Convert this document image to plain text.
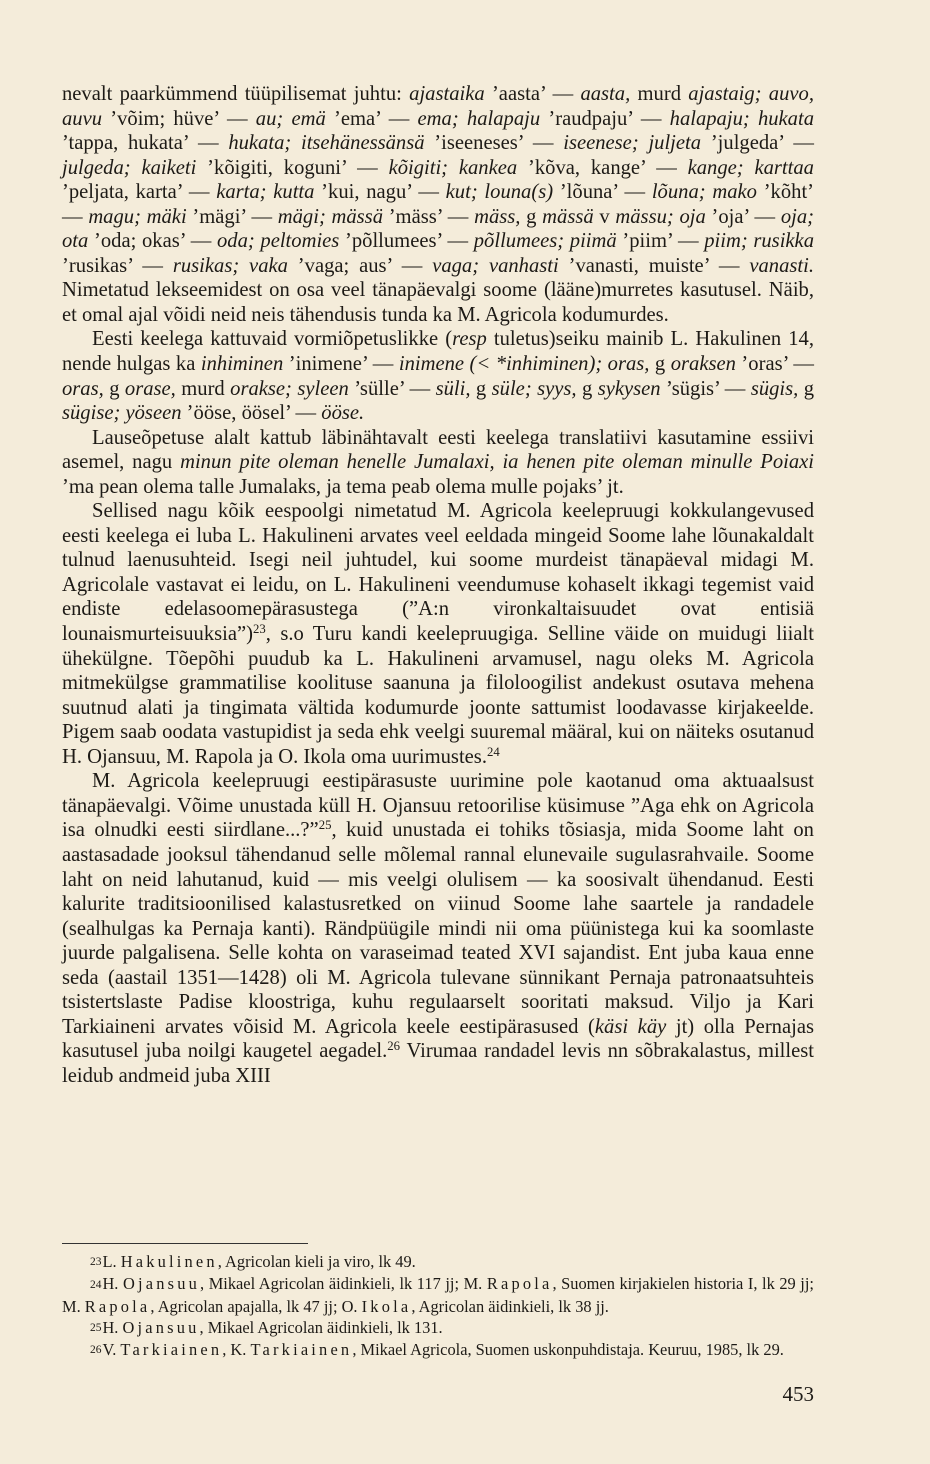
nevalt paarkümmend tüüpilisemat juhtu: ajastaika ’aasta’ — aasta, murd ajastaig; auvo, auvu ’võim; hüve’ — au; emä ’ema’ — ema; halapaju ’raudpaju’ — halapaju; hukata ’tappa, hukata’ — hukata; itsehänessänsä ’iseeneses’ — iseenese; juljeta ’julgeda’ — julgeda; kaiketi ’kõigiti, koguni’ — kõigiti; kankea ’kõva, kange’ — kange; karttaa ’peljata, karta’ — karta; kutta ’kui, nagu’ — kut; louna(s) ’lõuna’ — lõuna; mako ’kõht’ — magu; mäki ’mägi’ — mägi; mässä ’mäss’ — mäss, g mässä v mässu; oja ’oja’ — oja; ota ’oda; okas’ — oda; peltomies ’põllumees’ — põllumees; piimä ’piim’ — piim; rusikka ’rusikas’ — rusikas; vaka ’vaga; aus’ — vaga; vanhasti ’vanasti, muiste’ — vanasti. Nimetatud lekseemidest on osa veel tänapäevalgi soome (lääne)murretes kasutusel. Näib, et omal ajal võidi neid neis tähendusis tunda ka M. Agricola kodumurdes.

Eesti keelega kattuvaid vormiõpetuslikke (resp tuletus)seiku mainib L. Hakulinen 14, nende hulgas ka inhiminen ’inimene’ — inimene (< *inhiminen); oras, g oraksen ’oras’ — oras, g orase, murd orakse; syleen ’sülle’ — süli, g süle; syys, g sykysen ’sügis’ — sügis, g sügise; yöseen ’ööse, öösel’ — ööse.

Lauseõpetuse alalt kattub läbinähtavalt eesti keelega translatiivi kasutamine essiivi asemel, nagu minun pite oleman henelle Jumalaxi, ia henen pite oleman minulle Poiaxi ’ma pean olema talle Jumalaks, ja tema peab olema mulle pojaks’ jt.

Sellised nagu kõik eespoolgi nimetatud M. Agricola keelepruugi kokkulangevused eesti keelega ei luba L. Hakulineni arvates veel eeldada mingeid Soome lahe lõunakaldalt tulnud laenusuhteid. Isegi neil juhtudel, kui soome murdeist tänapäeval midagi M. Agricolale vastavat ei leidu, on L. Hakulineni veendumuse kohaselt ikkagi tegemist vaid endiste edelasoomepärasustega (”A:n vironkaltaisuudet ovat entisiä lounaismurteisuuksia”)$^{23}$, s.o Turu kandi keelepruugiga. Selline väide on muidugi liialt ühekülgne. Tõepõhi puudub ka L. Hakulineni arvamusel, nagu oleks M. Agricola mitmekülgse grammatilise koolituse saanuna ja filoloogilist andekust osutava mehena suutnud alati ja tingimata vältida kodumurde joonte sattumist loodavasse kirjakeelde. Pigem saab oodata vastupidist ja seda ehk veelgi suuremal määral, kui on näiteks osutanud H. Ojansuu, M. Rapola ja O. Ikola oma uurimustes.$^{24}$

M. Agricola keelepruugi eestipärasuste uurimine pole kaotanud oma aktuaalsust tänapäevalgi. Võime unustada küll H. Ojansuu retoorilise küsimuse ”Aga ehk on Agricola isa olnudki eesti siirdlane...?”$^{25}$, kuid unustada ei tohiks tõsiasja, mida Soome laht on aastasadade jooksul tähendanud selle mõlemal rannal elunevaile sugulasrahvaile. Soome laht on neid lahutanud, kuid — mis veelgi olulisem — ka soosivalt ühendanud. Eesti kalurite traditsioonilised kalastusretked on viinud Soome lahe saartele ja randadele (sealhulgas ka Pernaja kanti). Rändpüügile mindi nii oma püünistega kui ka soomlaste juurde palgalisena. Selle kohta on varaseimad teated XVI sajandist. Ent juba kaua enne seda (aastail 1351—1428) oli M. Agricola tulevane sünnikant Pernaja patronaatsuhteis tsistertslaste Padise kloostriga, kuhu regulaarselt sooritati maksud. Viljo ja Kari Tarkiaineni arvates võisid M. Agricola keele eestipärasused (käsi käy jt) olla Pernajas kasutusel juba noilgi kaugetel aegadel.$^{26}$ Virumaa randadel levis nn sõbrakalastus, millest leidub andmeid juba XIII

23L. Hakulinen, Agricolan kieli ja viro, lk 49.

24H. Ojansuu, Mikael Agricolan äidinkieli, lk 117 jj; M. Rapola, Suomen kirjakielen historia I, lk 29 jj; M. Rapola, Agricolan apajalla, lk 47 jj; O. Ikola, Agricolan äidinkieli, lk 38 jj.

25H. Ojansuu, Mikael Agricolan äidinkieli, lk 131.

26V. Tarkiainen, K. Tarkiainen, Mikael Agricola, Suomen uskonpuhdistaja. Keuruu, 1985, lk 29.

453
